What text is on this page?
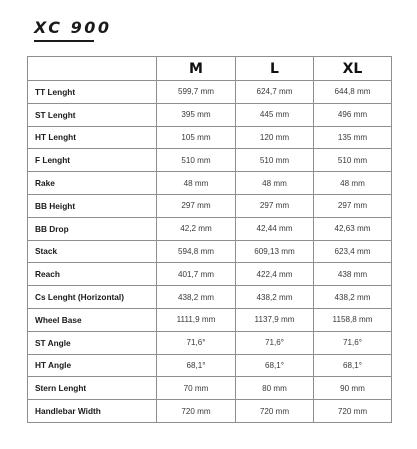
XC 900
	M	L	XL
TT Lenght	599,7 mm	624,7 mm	644,8 mm
ST Lenght	395 mm	445 mm	496 mm
HT Lenght	105 mm	120 mm	135 mm
F Lenght	510 mm	510 mm	510 mm
Rake	48 mm	48 mm	48 mm
BB Height	297 mm	297 mm	297 mm
BB Drop	42,2 mm	42,44 mm	42,63 mm
Stack	594,8 mm	609,13 mm	623,4 mm
Reach	401,7 mm	422,4 mm	438 mm
Cs Lenght (Horizontal)	438,2 mm	438,2 mm	438,2 mm
Wheel Base	1111,9 mm	1137,9 mm	1158,8 mm
ST Angle	71,6°	71,6°	71,6°
HT Angle	68,1°	68,1°	68,1°
Stern Lenght	70 mm	80 mm	90 mm
Handlebar Width	720 mm	720 mm	720 mm
